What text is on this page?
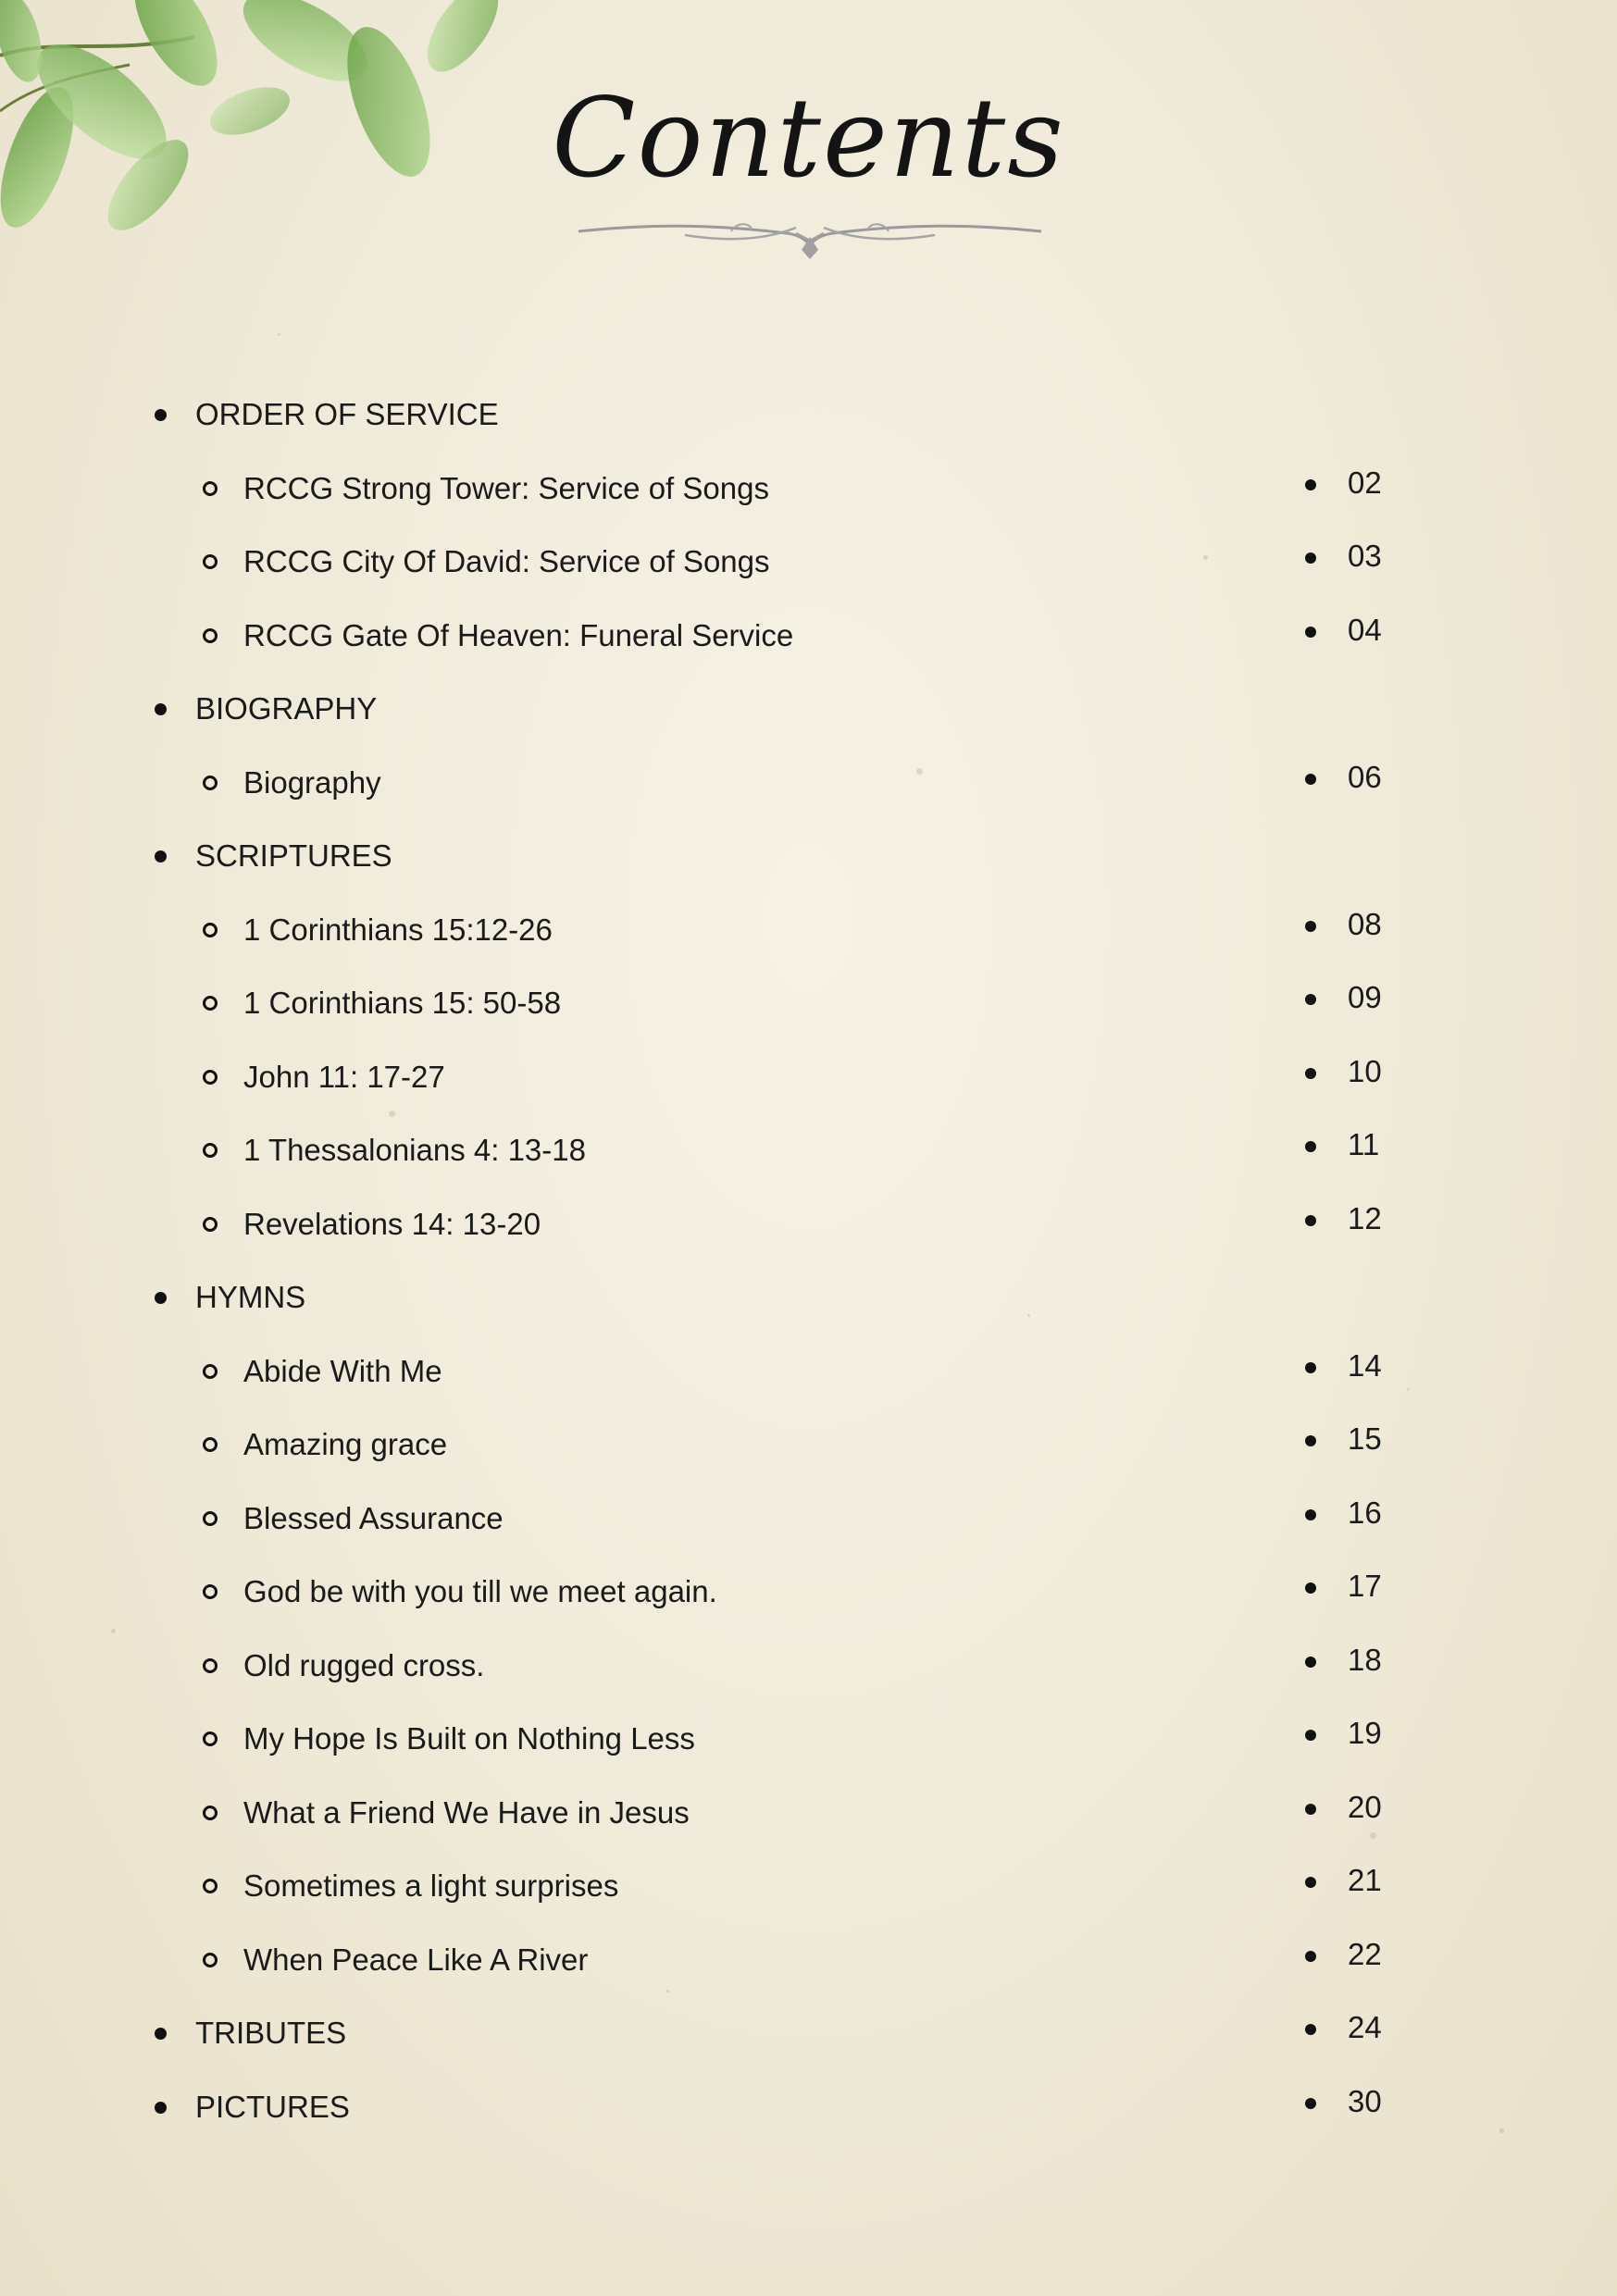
Contents
ORDER OF SERVICE
RCCG Strong Tower: Service of Songs	02
RCCG City Of David: Service of Songs	03
RCCG Gate Of Heaven: Funeral Service	04
BIOGRAPHY
Biography	06
SCRIPTURES
1 Corinthians 15:12-26	08
1 Corinthians 15: 50-58	09
John 11: 17-27	10
1 Thessalonians 4: 13-18	11
Revelations 14: 13-20	12
HYMNS
Abide With Me	14
Amazing grace	15
Blessed Assurance	16
God be with you till we meet again.	17
Old rugged cross.	18
My Hope Is Built on Nothing Less	19
What a Friend We Have in Jesus	20
Sometimes a light surprises	21
When Peace Like A River	22
TRIBUTES	24
PICTURES	30
